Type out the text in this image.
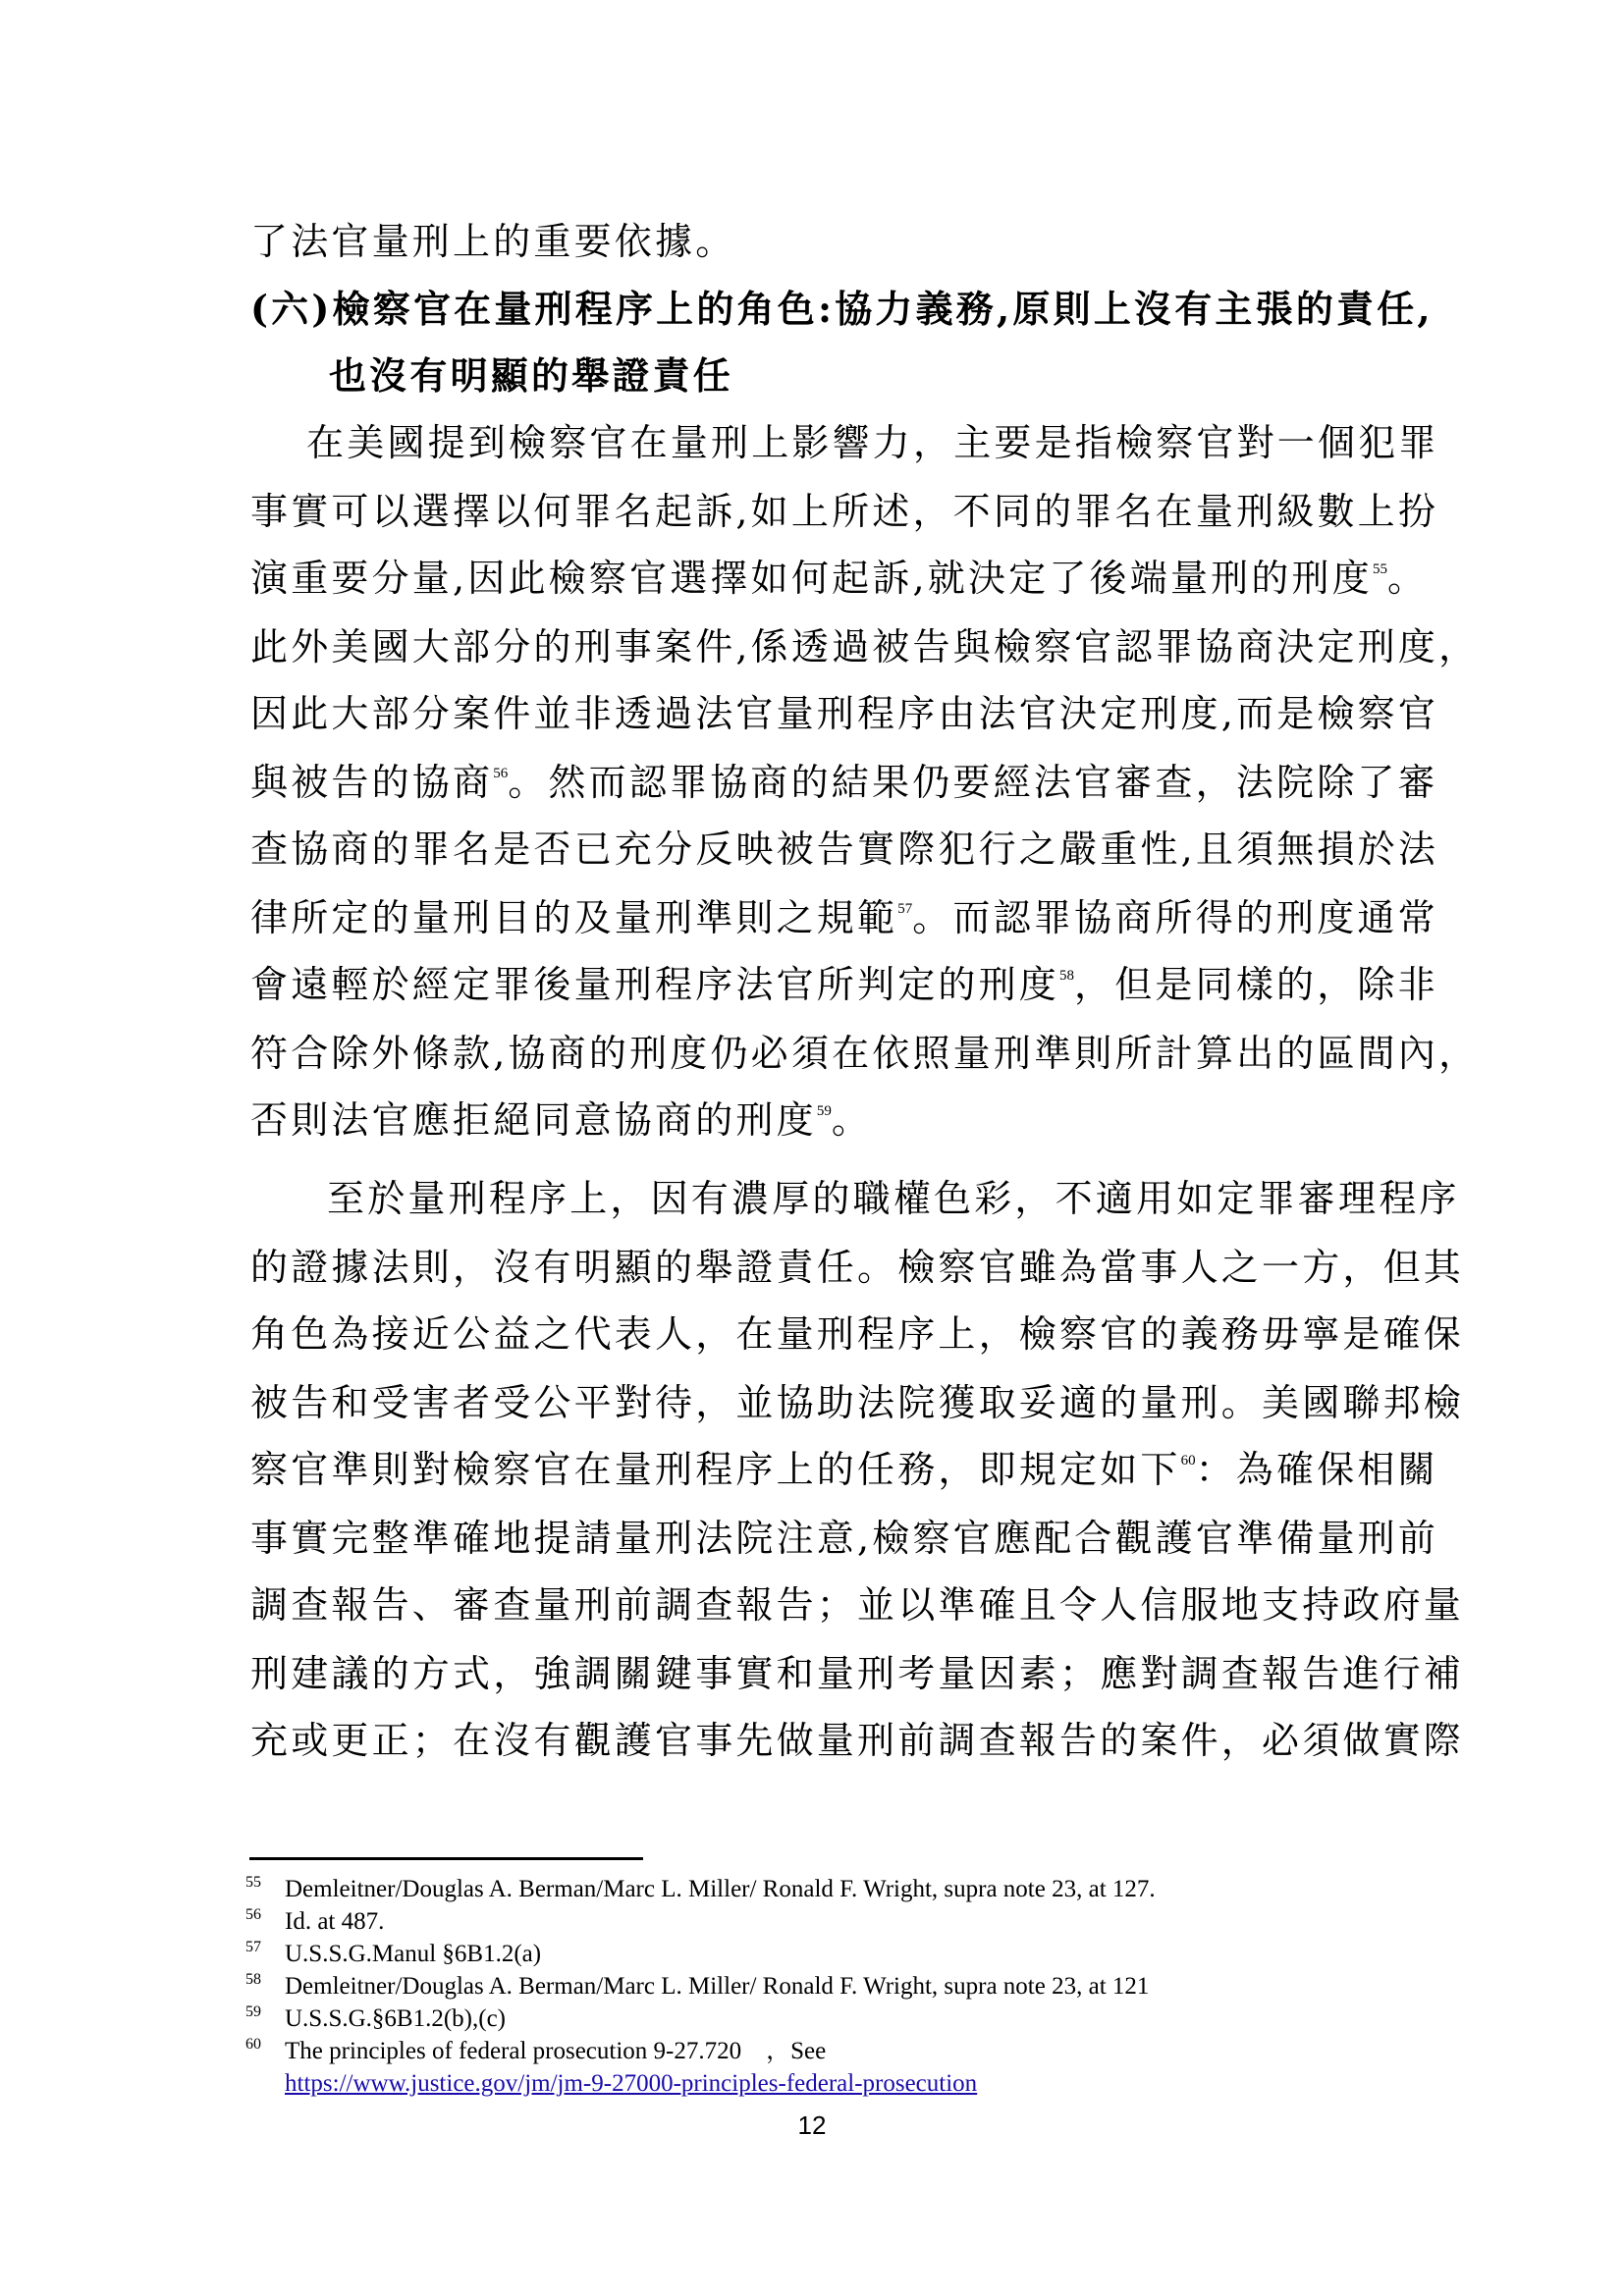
了法官量刑上的重要依據。
(六)檢察官在量刑程序上的角色:協力義務,原則上沒有主張的責任,
也沒有明顯的舉證責任
在美國提到檢察官在量刑上影響力，主要是指檢察官對一個犯罪
事實可以選擇以何罪名起訴,如上所述，不同的罪名在量刑級數上扮
演重要分量,因此檢察官選擇如何起訴,就決定了後端量刑的刑度$^{55}$。
此外美國大部分的刑事案件,係透過被告與檢察官認罪協商決定刑度，
因此大部分案件並非透過法官量刑程序由法官決定刑度,而是檢察官
與被告的協商$^{56}$。然而認罪協商的結果仍要經法官審查，法院除了審
查協商的罪名是否已充分反映被告實際犯行之嚴重性,且須無損於法
律所定的量刑目的及量刑準則之規範$^{57}$。而認罪協商所得的刑度通常
會遠輕於經定罪後量刑程序法官所判定的刑度$^{58}$，但是同樣的，除非
符合除外條款,協商的刑度仍必須在依照量刑準則所計算出的區間內，
否則法官應拒絕同意協商的刑度$^{59}$。
至於量刑程序上，因有濃厚的職權色彩，不適用如定罪審理程序
的證據法則，沒有明顯的舉證責任。檢察官雖為當事人之一方，但其
角色為接近公益之代表人，在量刑程序上，檢察官的義務毋寧是確保
被告和受害者受公平對待，並協助法院獲取妥適的量刑。美國聯邦檢
察官準則對檢察官在量刑程序上的任務，即規定如下$^{60}$：為確保相關
事實完整準確地提請量刑法院注意,檢察官應配合觀護官準備量刑前
調查報告、審查量刑前調查報告；並以準確且令人信服地支持政府量
刑建議的方式，強調關鍵事實和量刑考量因素；應對調查報告進行補
充或更正；在沒有觀護官事先做量刑前調查報告的案件，必須做實際
55 Demleitner/Douglas A. Berman/Marc L. Miller/ Ronald F. Wright, supra note 23, at 127.
56 Id. at 487.
57 U.S.S.G.Manul §6B1.2(a)
58 Demleitner/Douglas A. Berman/Marc L. Miller/ Ronald F. Wright, supra note 23, at 121
59 U.S.S.G.§6B1.2(b),(c)
60 The principles of federal prosecution 9-27.720　，See
https://www.justice.gov/jm/jm-9-27000-principles-federal-prosecution
12
